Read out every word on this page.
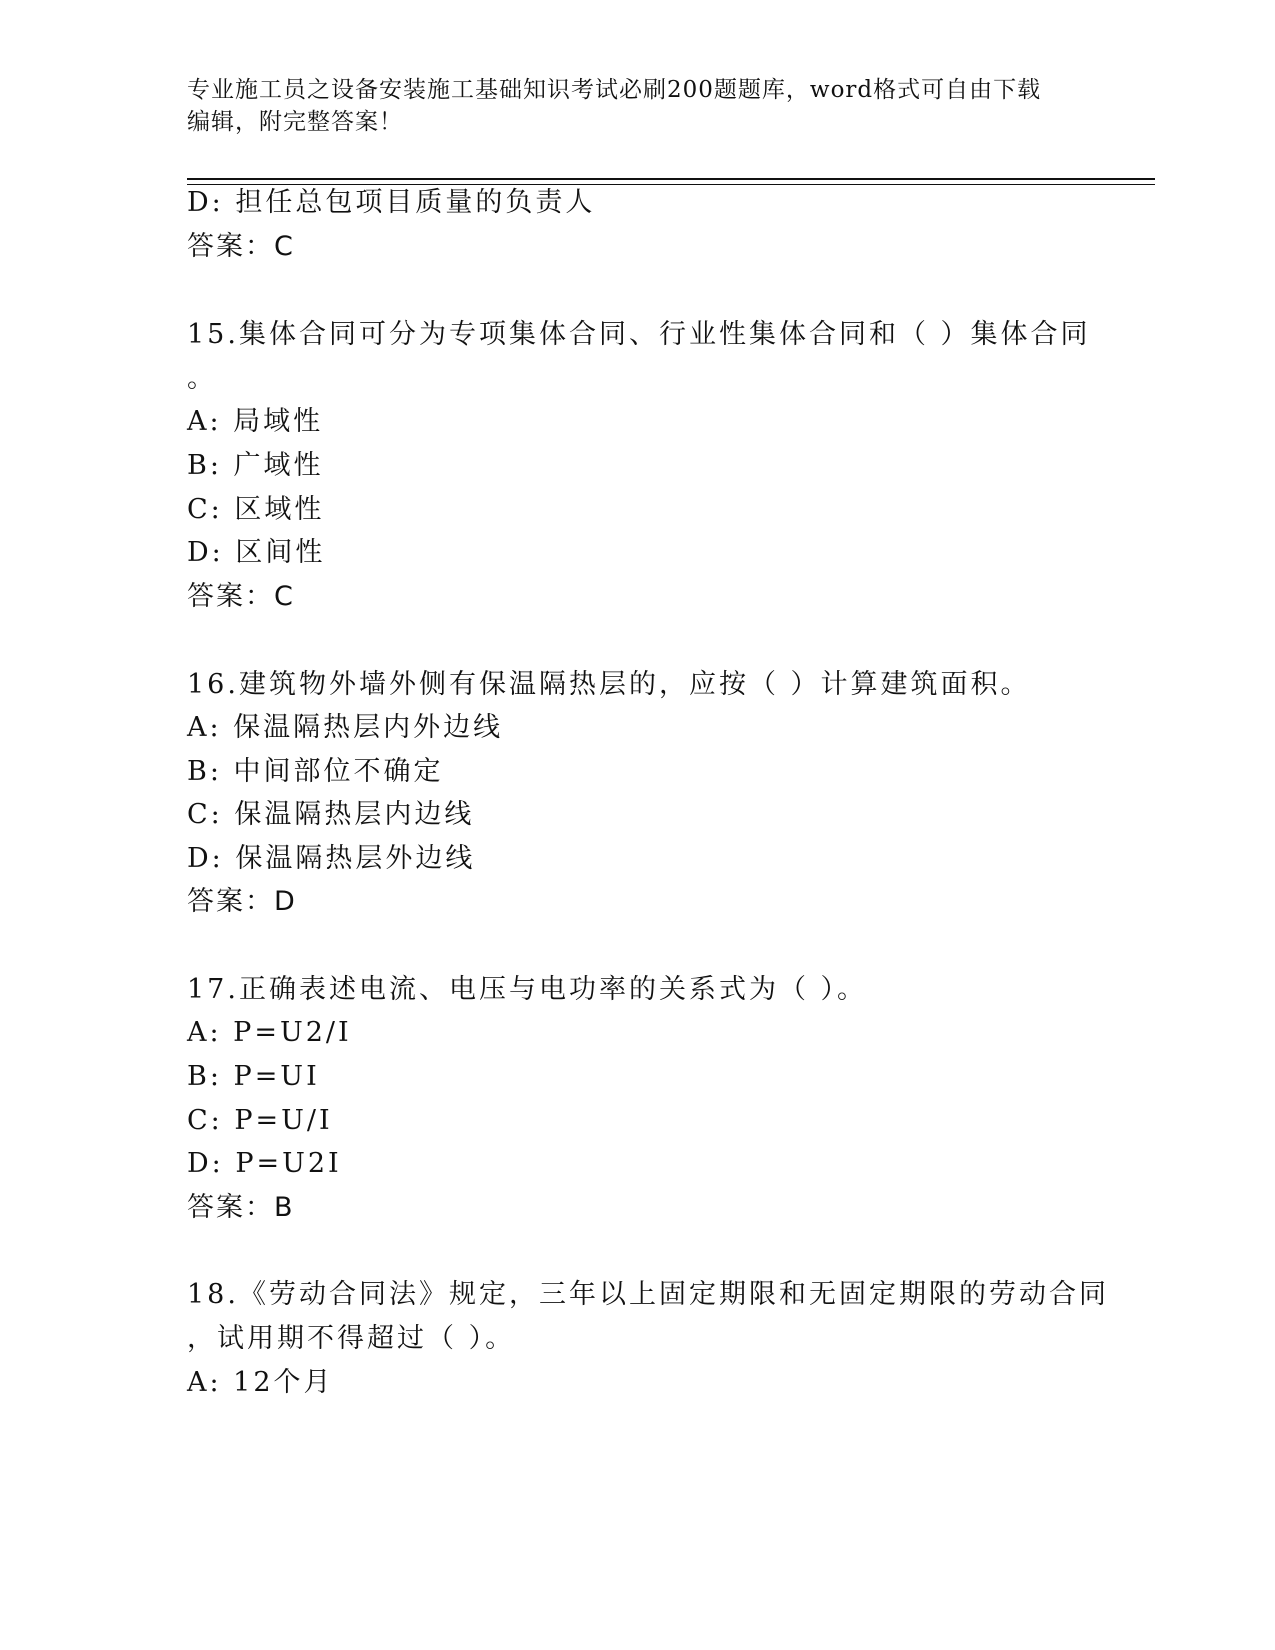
专业施工员之设备安装施工基础知识考试必刷200题题库，word格式可自由下载
编辑，附完整答案！
D: 担任总包项目质量的负责人
答案：C
15.集体合同可分为专项集体合同、行业性集体合同和（ ）集体合同
。
A: 局域性
B: 广域性
C: 区域性
D: 区间性
答案：C
16.建筑物外墙外侧有保温隔热层的，应按（ ）计算建筑面积。
A: 保温隔热层内外边线
B: 中间部位不确定
C: 保温隔热层内边线
D: 保温隔热层外边线
答案：D
17.正确表述电流、电压与电功率的关系式为（ ）。
A: P=U2/I
B: P=UI
C: P=U/I
D: P=U2I
答案：B
18.《劳动合同法》规定，三年以上固定期限和无固定期限的劳动合同
，试用期不得超过（ ）。
A: 12个月
